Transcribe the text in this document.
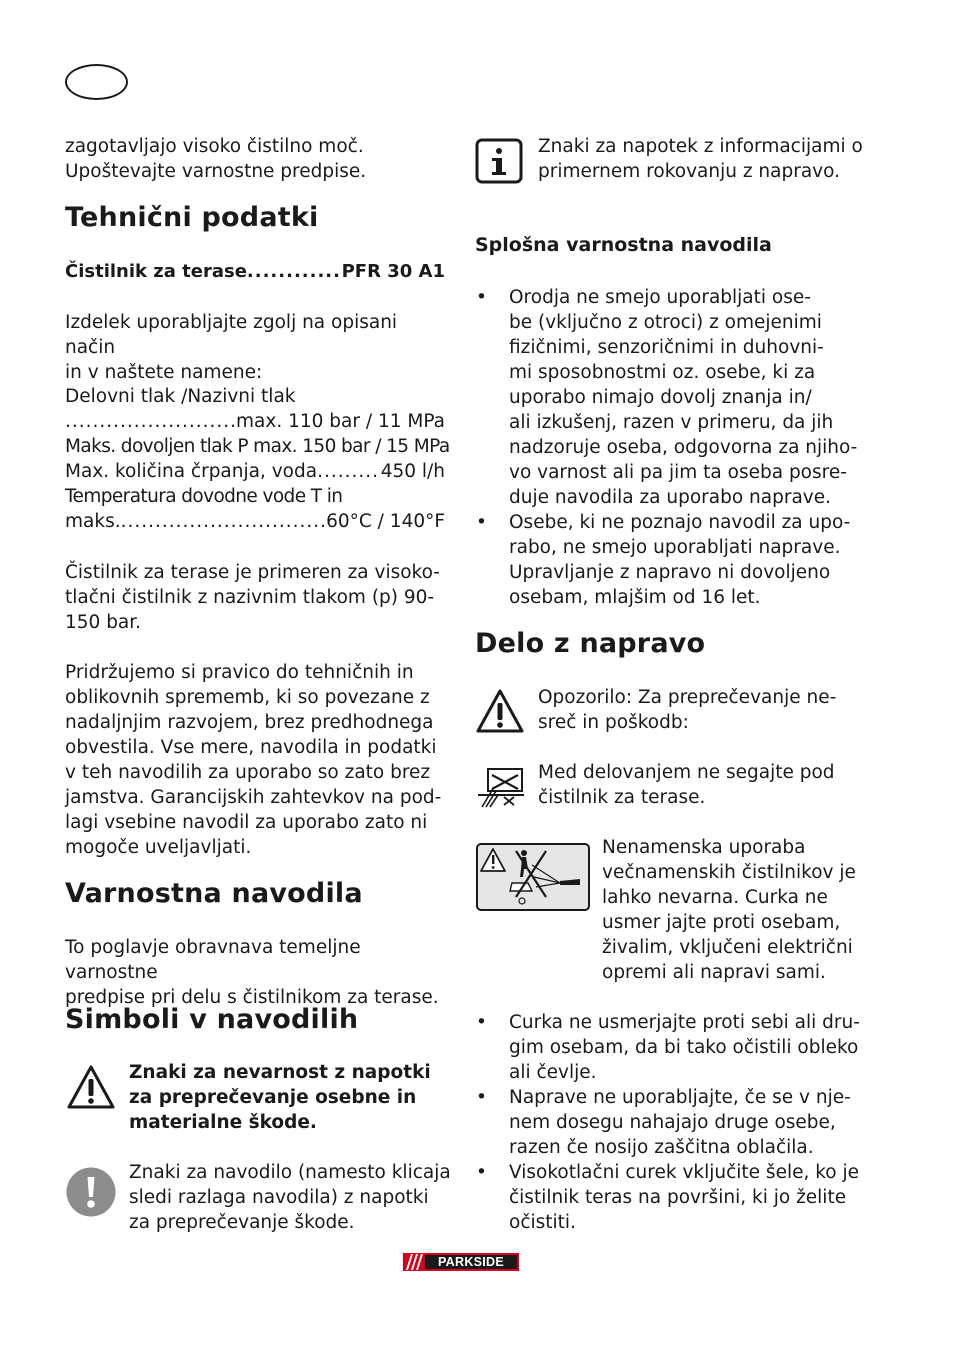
zagotavljajo visoko čistilno moč.

Upoštevajte varnostne predpise.

Tehnični podatki
Čistilnik za terase .....	PFR 30 A1

Izdelek uporabljajte zgolj na opisani način

in v naštete namene:

Delovni tlak /Nazivni tlak

.....
max. 110 bar / 11 MPa
Maks. dovoljen tlak P max. 150 bar / 15 MPa
Max. količina črpanja, voda .....	450 l/h

Temperatura dovodne vode T in

maks. .....	60°C / 140°F

Čistilnik za terase je primeren za visoko-

tlačni čistilnik z nazivnim tlakom (p) 90-

150 bar.

Pridržujemo si pravico do tehničnih in

oblikovnih sprememb, ki so povezane z

nadaljnjim razvojem, brez predhodnega

obvestila. Vse mere, navodila in podatki

v teh navodilih za uporabo so zato brez

jamstva. Garancijskih zahtevkov na pod-

lagi vsebine navodil za uporabo zato ni

mogoče uveljavljati.

Varnostna navodila

To poglavje obravnava temeljne varnostne

predpise pri delu s čistilnikom za terase.

Simboli v navodilih

Znaki za nevarnost z napotki

za preprečevanje osebne in

materialne škode.

Znaki za navodilo (namesto klicaja

sledi razlaga navodila) z napotki

za preprečevanje škode.

Znaki za napotek z informacijami o

primernem rokovanju z napravo.

Splošna varnostna navodila
• Orodja ne smejo uporabljati ose-
be (vključno z otroci) z omejenimi
fizičnimi, senzoričnimi in duhovni-
mi sposobnostmi oz. osebe, ki za
uporabo nimajo dovolj znanja in/
ali izkušenj, razen v primeru, da jih
nadzoruje oseba, odgovorna za njiho-
vo varnost ali pa jim ta oseba posre-
duje navodila za uporabo naprave.
• Osebe, ki ne poznajo navodil za upo-
rabo, ne smejo uporabljati naprave.
Upravljanje z napravo ni dovoljeno
osebam, mlajšim od 16 let.
Delo z napravo

Opozorilo: Za preprečevanje ne-

sreč in poškodb:

Med delovanjem ne segajte pod

čistilnik za terase.

Nenamenska uporaba

večnamenskih čistilnikov je

lahko nevarna. Curka ne

usmer jajte proti osebam,

živalim, vključeni električni

opremi ali napravi sami.

• Curka ne usmerjajte proti sebi ali dru-
gim osebam, da bi tako očistili obleko
ali čevlje.
• Naprave ne uporabljajte, če se v nje-
nem dosegu nahajajo druge osebe,
razen če nosijo zaščitna oblačila.
• Visokotlačni curek vključite šele, ko je
čistilnik teras na površini, ki jo želite
očistiti.
PARKSIDE
